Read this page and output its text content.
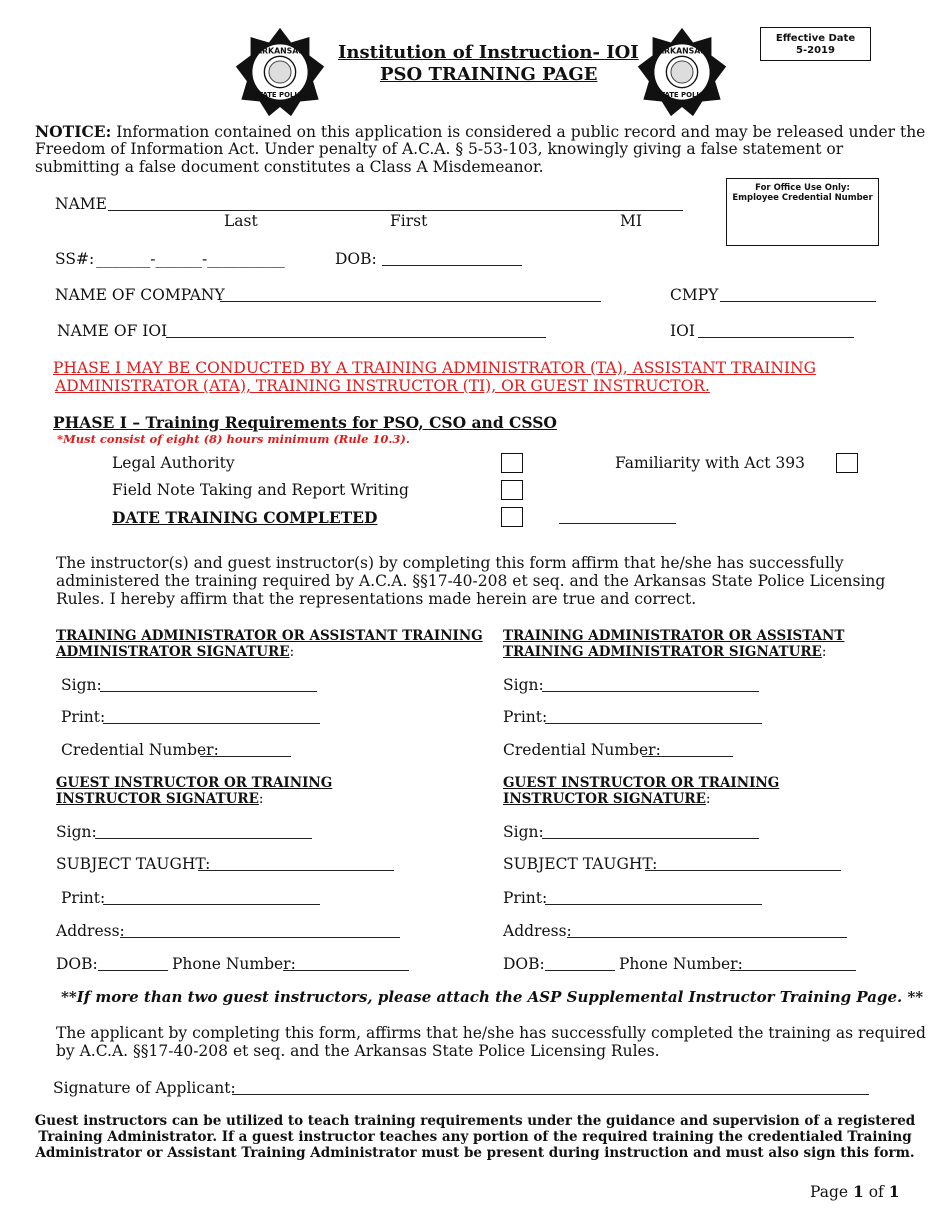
ARKANSAS
STATE POLICE
ARKANSAS
STATE POLICE
Institution of Instruction- IOI
PSO TRAINING PAGE
Effective Date
5-2019
NOTICE: Information contained on this application is considered a public record and may be released under the
Freedom of Information Act. Under penalty of A.C.A. § 5-53-103, knowingly giving a false statement or
submitting a false document constitutes a Class A Misdemeanor.
For Office Use Only:
Employee Credential Number
NAME
Last	First	MI
SS#: _______-______-__________	DOB:
NAME OF COMPANY	CMPY
NAME OF IOI	IOI
PHASE I MAY BE CONDUCTED BY A TRAINING ADMINISTRATOR (TA), ASSISTANT TRAINING
ADMINISTRATOR (ATA), TRAINING INSTRUCTOR (TI), OR GUEST INSTRUCTOR.
PHASE I – Training Requirements for PSO, CSO and CSSO
*Must consist of eight (8) hours minimum (Rule 10.3).
Legal Authority	Familiarity with Act 393
Field Note Taking and Report Writing
DATE TRAINING COMPLETED
The instructor(s) and guest instructor(s) by completing this form affirm that he/she has successfully
administered the training required by A.C.A. §§17-40-208 et seq. and the Arkansas State Police Licensing
Rules. I hereby affirm that the representations made herein are true and correct.
TRAINING ADMINISTRATOR OR ASSISTANT TRAINING
ADMINISTRATOR SIGNATURE:
Sign:
Print:
Credential Number:
TRAINING ADMINISTRATOR OR ASSISTANT
TRAINING ADMINISTRATOR SIGNATURE:
Sign:
Print:
Credential Number:
GUEST INSTRUCTOR OR TRAINING
INSTRUCTOR SIGNATURE:
Sign:
SUBJECT TAUGHT:
Print:
Address:
DOB:	Phone Number:
GUEST INSTRUCTOR OR TRAINING
INSTRUCTOR SIGNATURE:
Sign:
SUBJECT TAUGHT:
Print:
Address:
DOB:	Phone Number:
**If more than two guest instructors, please attach the ASP Supplemental Instructor Training Page. **
The applicant by completing this form, affirms that he/she has successfully completed the training as required
by A.C.A. §§17-40-208 et seq. and the Arkansas State Police Licensing Rules.
Signature of Applicant:
Guest instructors can be utilized to teach training requirements under the guidance and supervision of a registered
Training Administrator. If a guest instructor teaches any portion of the required training the credentialed Training
Administrator or Assistant Training Administrator must be present during instruction and must also sign this form.
Page 1 of 1
